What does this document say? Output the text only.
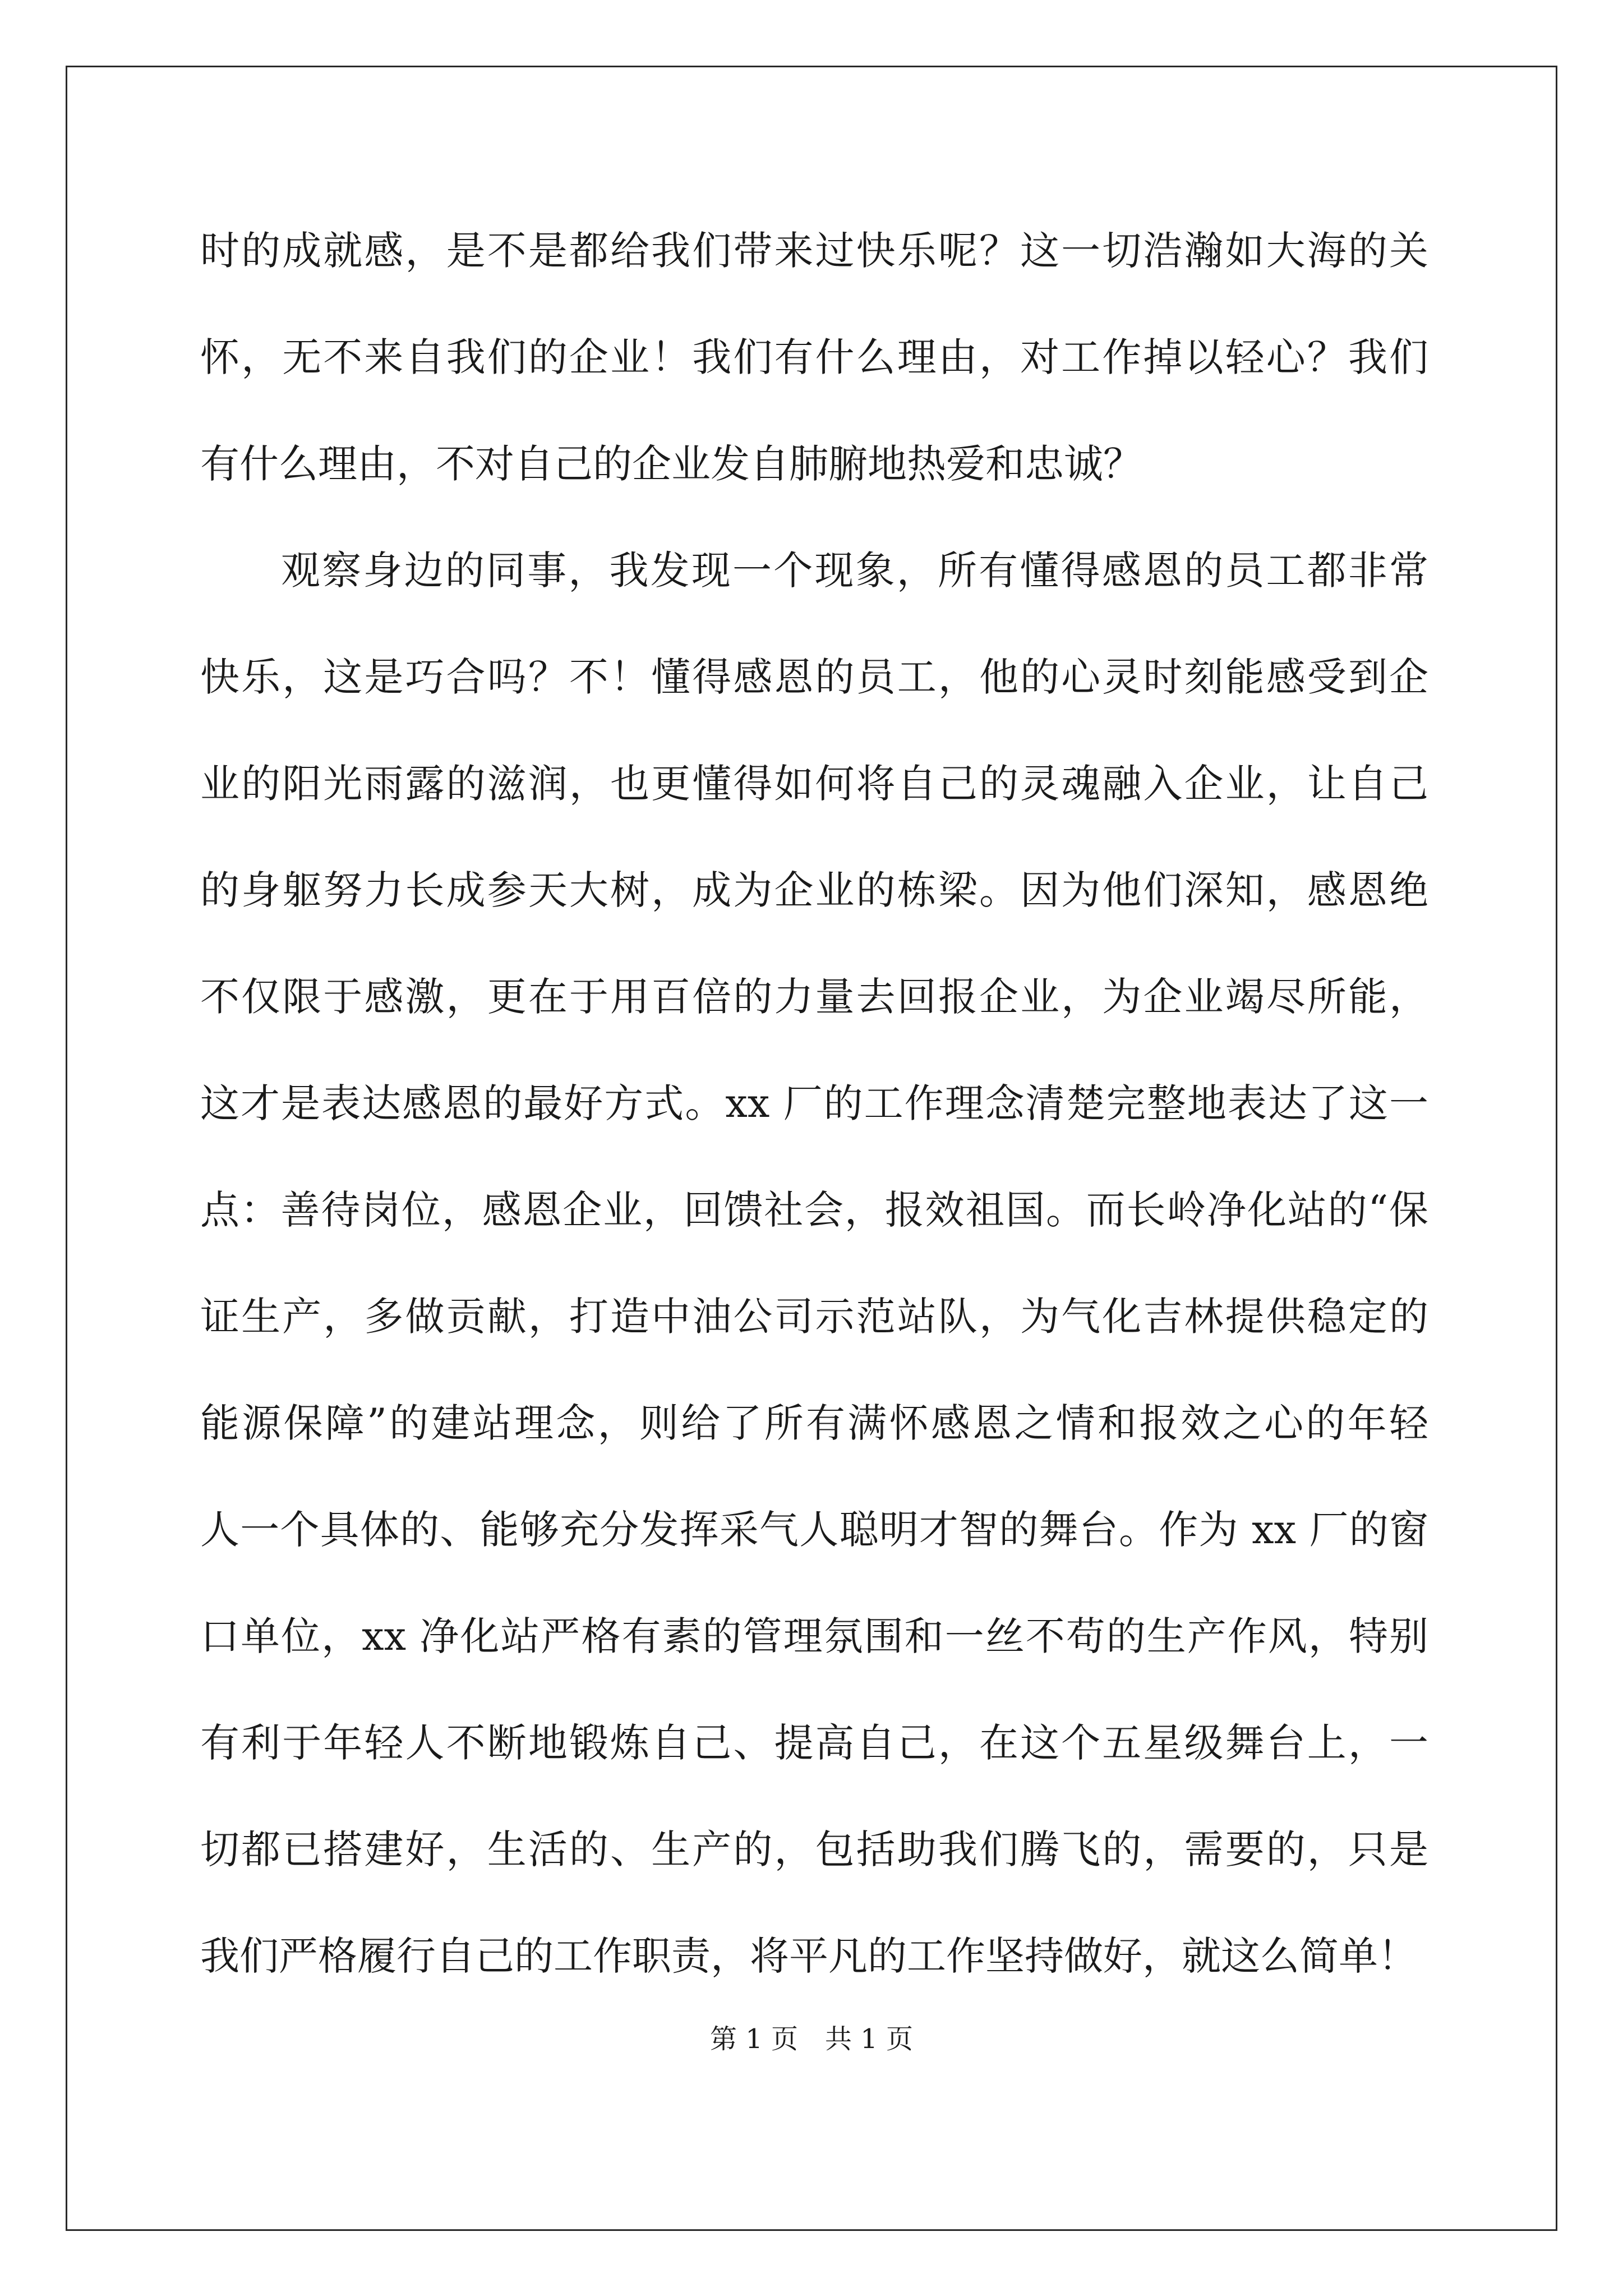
时的成就感，是不是都给我们带来过快乐呢？这一切浩瀚如大海的关
怀，无不来自我们的企业！我们有什么理由，对工作掉以轻心？我们
有什么理由，不对自己的企业发自肺腑地热爱和忠诚？
观察身边的同事，我发现一个现象，所有懂得感恩的员工都非常
快乐，这是巧合吗？不！懂得感恩的员工，他的心灵时刻能感受到企
业的阳光雨露的滋润，也更懂得如何将自己的灵魂融入企业，让自己
的身躯努力长成参天大树，成为企业的栋梁。因为他们深知，感恩绝
不仅限于感激，更在于用百倍的力量去回报企业，为企业竭尽所能，
这才是表达感恩的最好方式。xx 厂的工作理念清楚完整地表达了这一
点：善待岗位，感恩企业，回馈社会，报效祖国。而长岭净化站的“保
证生产，多做贡献，打造中油公司示范站队，为气化吉林提供稳定的
能源保障”的建站理念，则给了所有满怀感恩之情和报效之心的年轻
人一个具体的、能够充分发挥采气人聪明才智的舞台。作为 xx 厂的窗
口单位，xx 净化站严格有素的管理氛围和一丝不苟的生产作风，特别
有利于年轻人不断地锻炼自己、提高自己，在这个五星级舞台上，一
切都已搭建好，生活的、生产的，包括助我们腾飞的，需要的，只是
我们严格履行自己的工作职责，将平凡的工作坚持做好，就这么简单！
第 1 页 共 1 页
